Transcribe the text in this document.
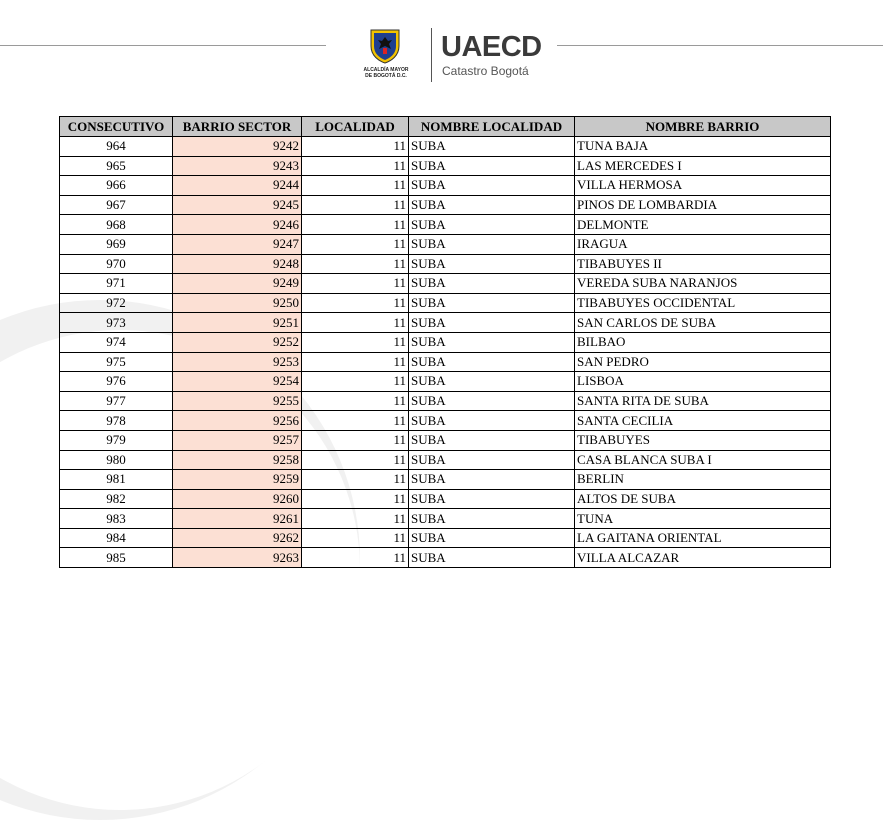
ALCALDÍA MAYOR
DE BOGOTÁ D.C.
UAECD
Catastro Bogotá
CONSECUTIVO	BARRIO SECTOR	LOCALIDAD	NOMBRE LOCALIDAD	NOMBRE BARRIO
964	9242	11	SUBA	TUNA BAJA
965	9243	11	SUBA	LAS MERCEDES I
966	9244	11	SUBA	VILLA HERMOSA
967	9245	11	SUBA	PINOS DE LOMBARDIA
968	9246	11	SUBA	DELMONTE
969	9247	11	SUBA	IRAGUA
970	9248	11	SUBA	TIBABUYES II
971	9249	11	SUBA	VEREDA SUBA NARANJOS
972	9250	11	SUBA	TIBABUYES OCCIDENTAL
973	9251	11	SUBA	SAN CARLOS DE SUBA
974	9252	11	SUBA	BILBAO
975	9253	11	SUBA	SAN PEDRO
976	9254	11	SUBA	LISBOA
977	9255	11	SUBA	SANTA RITA DE SUBA
978	9256	11	SUBA	SANTA CECILIA
979	9257	11	SUBA	TIBABUYES
980	9258	11	SUBA	CASA BLANCA SUBA I
981	9259	11	SUBA	BERLIN
982	9260	11	SUBA	ALTOS DE SUBA
983	9261	11	SUBA	TUNA
984	9262	11	SUBA	LA GAITANA ORIENTAL
985	9263	11	SUBA	VILLA ALCAZAR
